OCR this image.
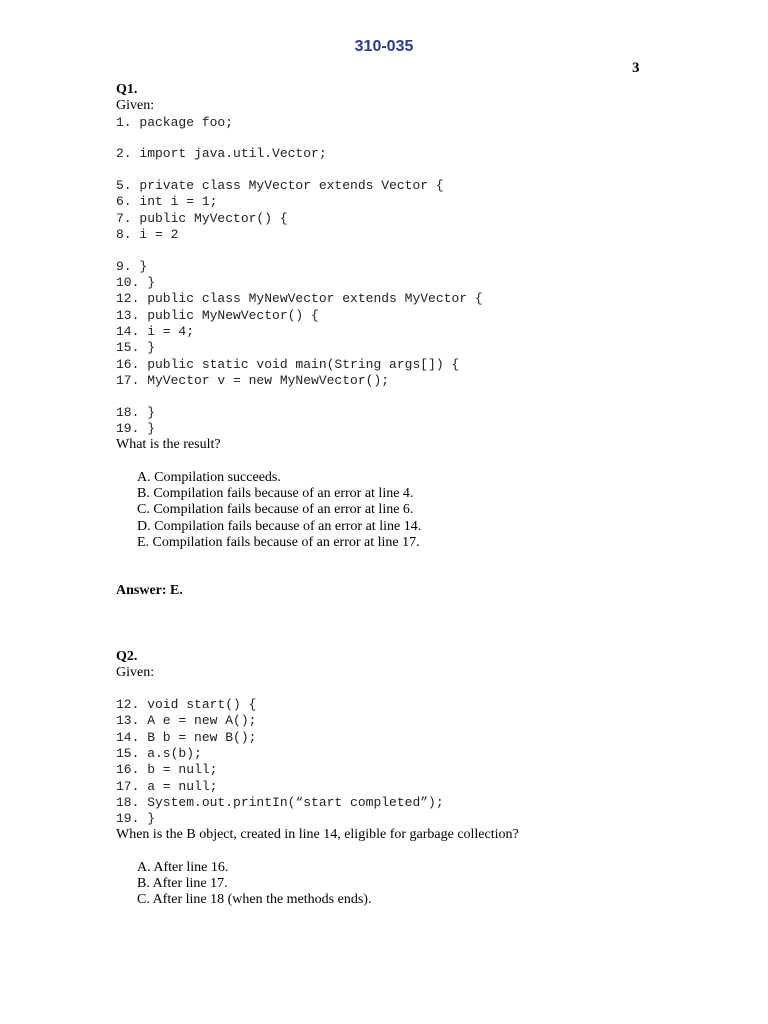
310-035
3
Q1.
Given:
1. package foo;
2. import java.util.Vector;
5. private class MyVector extends Vector {
6. int i = 1;
7. public MyVector() {
8. i = 2
9. }
10. }
12. public class MyNewVector extends MyVector {
13. public MyNewVector() {
14. i = 4;
15. }
16. public static void main(String args[]) {
17. MyVector v = new MyNewVector();
18. }
19. }
What is the result?
A. Compilation succeeds.
B. Compilation fails because of an error at line 4.
C. Compilation fails because of an error at line 6.
D. Compilation fails because of an error at line 14.
E. Compilation fails because of an error at line 17.
Answer: E.
Q2.
Given:
12. void start() {
13. A e = new A();
14. B b = new B();
15. a.s(b);
16. b = null;
17. a = null;
18. System.out.printIn(“start completed”);
19. }
When is the B object, created in line 14, eligible for garbage collection?
A. After line 16.
B. After line 17.
C. After line 18 (when the methods ends).
